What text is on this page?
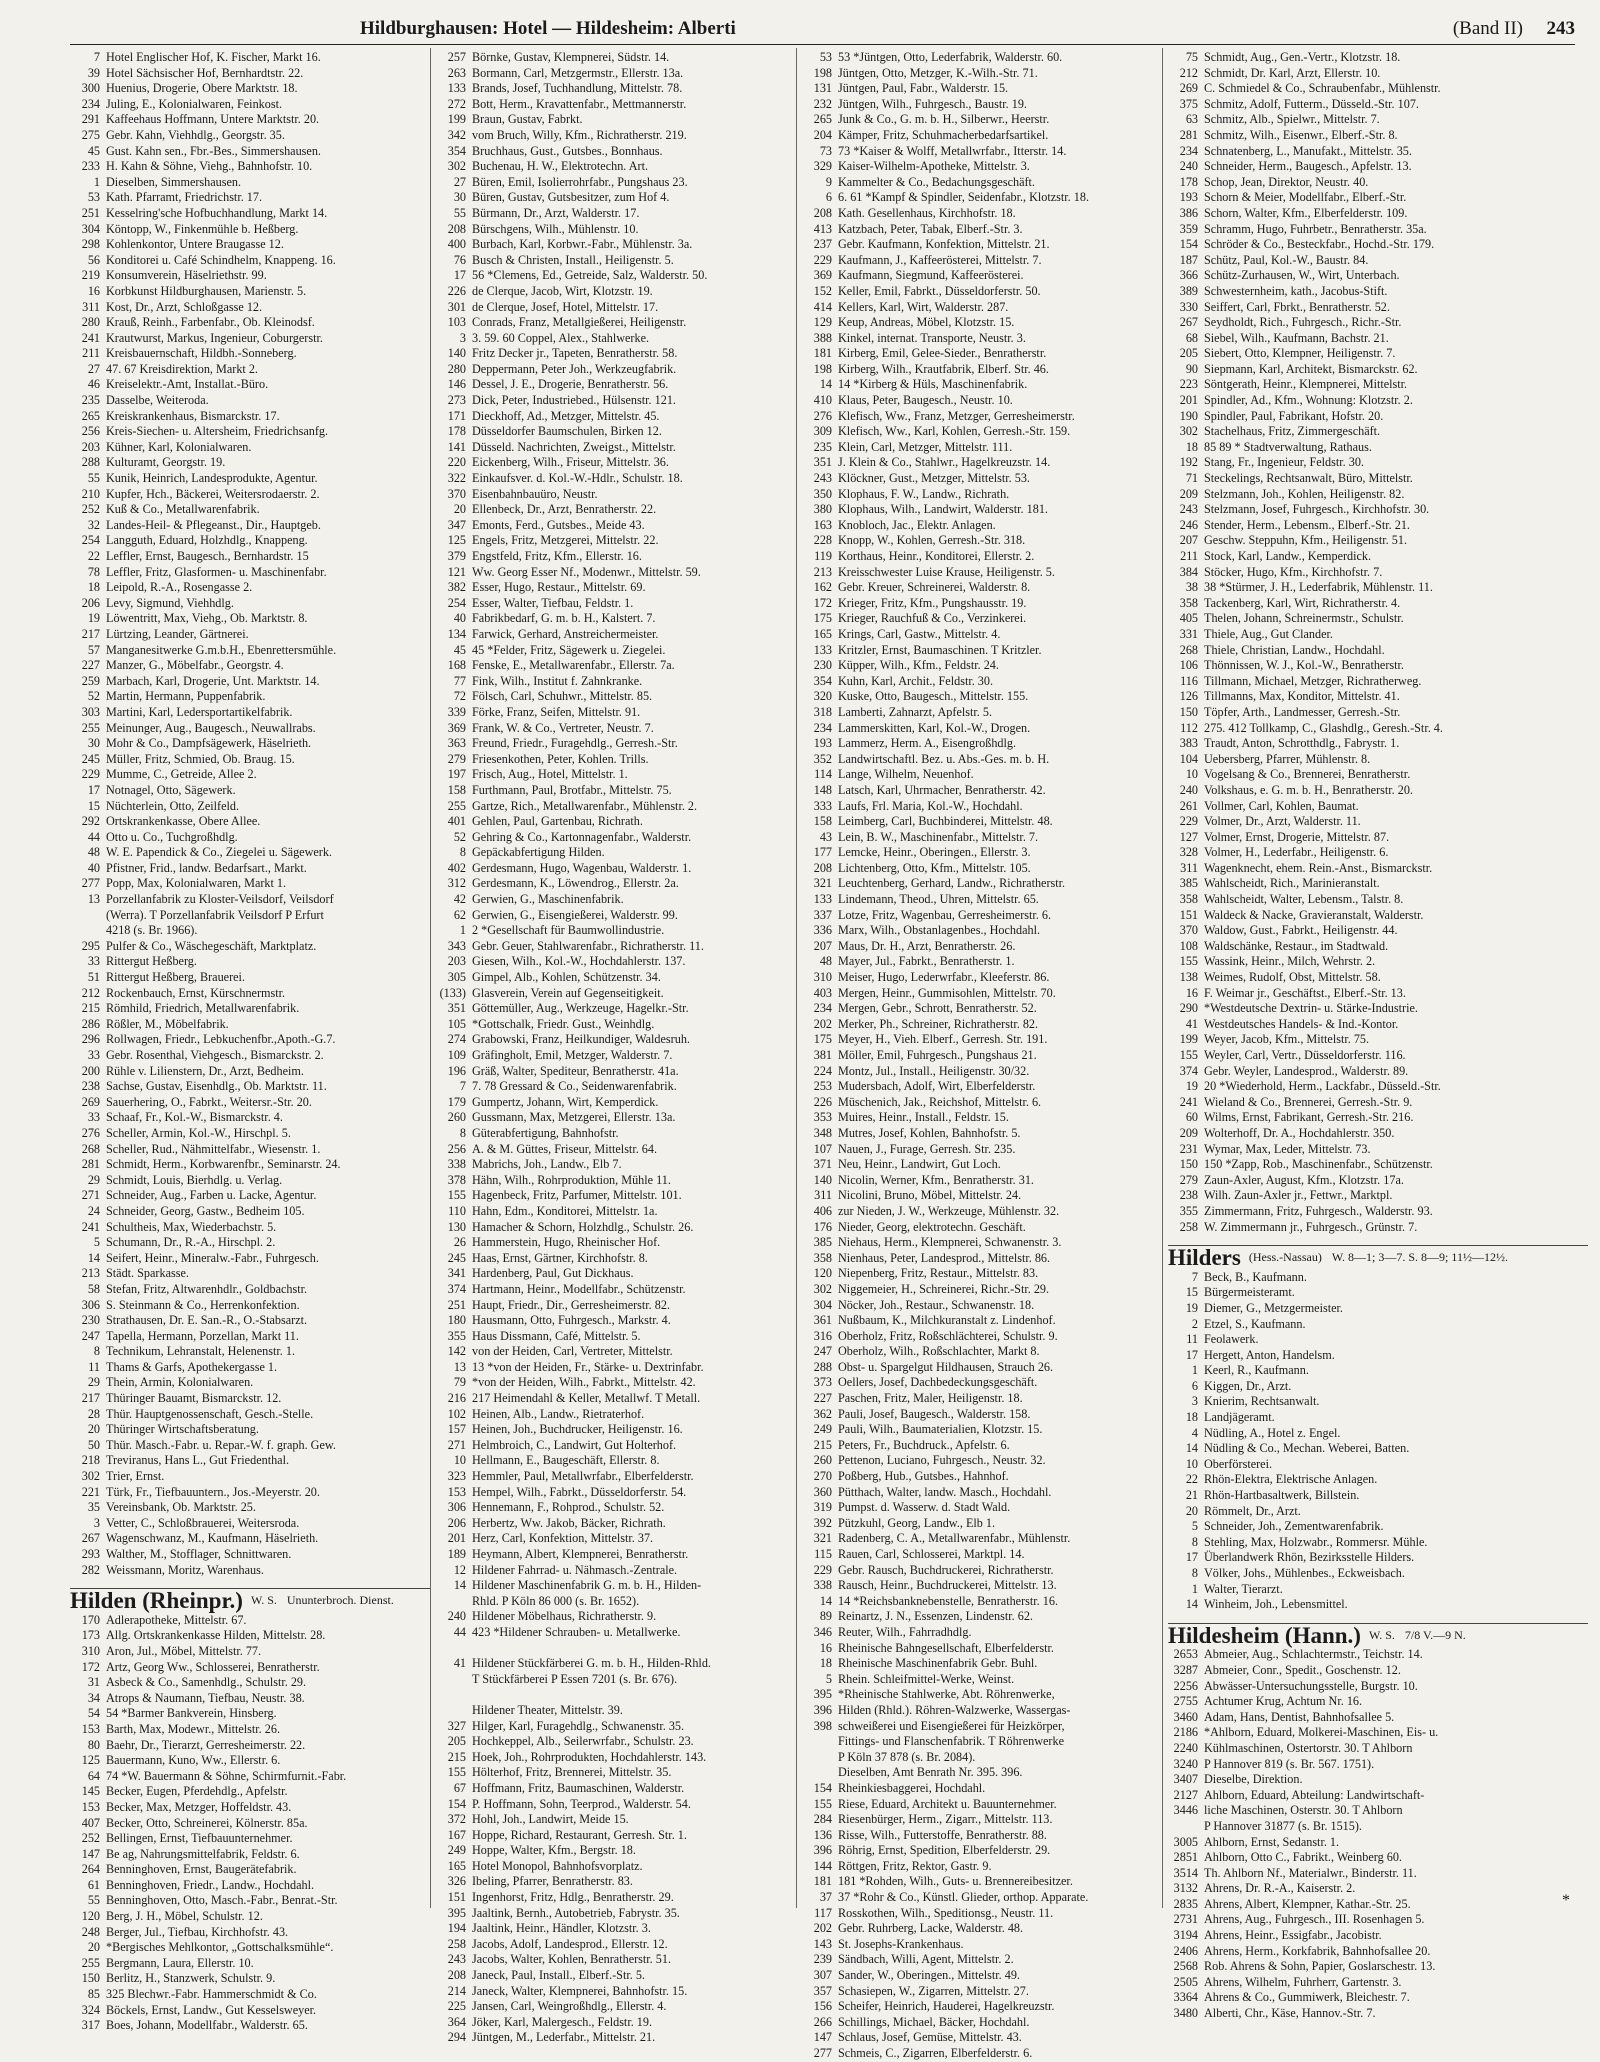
Hildburghausen: Hotel — Hildesheim: Alberti	(Band II) 243
7 Hotel Englischer Hof, K. Fischer, Markt 16.
39 Hotel Sächsischer Hof, Bernhardtstr. 22.
300 Huenius, Drogerie, Obere Marktstr. 18.
234 Juling, E., Kolonialwaren, Feinkost.
291 Kaffeehaus Hoffmann, Untere Marktstr. 20.
275 Gebr. Kahn, Viehhdlg., Georgstr. 35.
45 Gust. Kahn sen., Fbr.-Bes., Simmershausen.
233 H. Kahn & Söhne, Viehg., Bahnhofstr. 10.
1 Dieselben, Simmershausen.
53 Kath. Pfarramt, Friedrichstr. 17.
251 Kesselring'sche Hofbuchhandlung, Markt 14.
304 Köntopp, W., Finkenmühle b. Heßberg.
298 Kohlenkontor, Untere Braugasse 12.
56 Konditorei u. Café Schindhelm, Knappeng. 16.
219 Konsumverein, Häselriethstr. 99.
16 Korbkunst Hildburghausen, Marienstr. 5.
311 Kost, Dr., Arzt, Schloßgasse 12.
280 Krauß, Reinh., Farbenfabr., Ob. Kleinodsf.
241 Krautwurst, Markus, Ingenieur, Coburgerstr.
211 Kreisbauernschaft, Hildbh.-Sonneberg.
27 47. 67 Kreisdirektion, Markt 2.
46 Kreiselektr.-Amt, Installat.-Büro.
235 Dasselbe, Weiteroda.
265 Kreiskrankenhaus, Bismarckstr. 17.
256 Kreis-Siechen- u. Altersheim, Friedrichsanfg.
203 Kühner, Karl, Kolonialwaren.
288 Kulturamt, Georgstr. 19.
55 Kunik, Heinrich, Landesprodukte, Agentur.
210 Kupfer, Hch., Bäckerei, Weitersrodaerstr. 2.
252 Kuß & Co., Metallwarenfabrik.
32 Landes-Heil- & Pflegeanst., Dir., Hauptgeb.
254 Langguth, Eduard, Holzhdlg., Knappeng.
22 Leffler, Ernst, Baugesch., Bernhardstr. 15
78 Leffler, Fritz, Glasformen- u. Maschinenfabr.
18 Leipold, R.-A., Rosengasse 2.
206 Levy, Sigmund, Viehhdlg.
19 Löwentritt, Max, Viehg., Ob. Marktstr. 8.
217 Lürtzing, Leander, Gärtnerei.
57 Manganesitwerke G.m.b.H., Ebenrettersmühle.
227 Manzer, G., Möbelfabr., Georgstr. 4.
259 Marbach, Karl, Drogerie, Unt. Marktstr. 14.
52 Martin, Hermann, Puppenfabrik.
303 Martini, Karl, Ledersportartikelfabrik.
255 Meinunger, Aug., Baugesch., Neuwallrabs.
30 Mohr & Co., Dampfsägewerk, Häselrieth.
245 Müller, Fritz, Schmied, Ob. Braug. 15.
229 Mumme, C., Getreide, Allee 2.
17 Notnagel, Otto, Sägewerk.
15 Nüchterlein, Otto, Zeilfeld.
292 Ortskrankenkasse, Obere Allee.
44 Otto u. Co., Tuchgroßhdlg.
48 W. E. Papendick & Co., Ziegelei u. Sägewerk.
40 Pfistner, Frid., landw. Bedarfsart., Markt.
277 Popp, Max, Kolonialwaren, Markt 1.
13 Porzellanfabrik zu Kloster-Veilsdorf, Veilsdorf
(Werra). T Porzellanfabrik Veilsdorf P Erfurt
4218 (s. Br. 1966).
295 Pulfer & Co., Wäschegeschäft, Marktplatz.
33 Rittergut Heßberg.
51 Rittergut Heßberg, Brauerei.
212 Rockenbauch, Ernst, Kürschnermstr.
215 Römhild, Friedrich, Metallwarenfabrik.
286 Rößler, M., Möbelfabrik.
296 Rollwagen, Friedr., Lebkuchenfbr.,Apoth.-G.7.
33 Gebr. Rosenthal, Viehgesch., Bismarckstr. 2.
200 Rühle v. Lilienstern, Dr., Arzt, Bedheim.
238 Sachse, Gustav, Eisenhdlg., Ob. Marktstr. 11.
269 Sauerhering, O., Fabrkt., Weitersr.-Str. 20.
33 Schaaf, Fr., Kol.-W., Bismarckstr. 4.
276 Scheller, Armin, Kol.-W., Hirschpl. 5.
268 Scheller, Rud., Nähmittelfabr., Wiesenstr. 1.
281 Schmidt, Herm., Korbwarenfbr., Seminarstr. 24.
29 Schmidt, Louis, Bierhdlg. u. Verlag.
271 Schneider, Aug., Farben u. Lacke, Agentur.
24 Schneider, Georg, Gastw., Bedheim 105.
241 Schultheis, Max, Wiederbachstr. 5.
5 Schumann, Dr., R.-A., Hirschpl. 2.
14 Seifert, Heinr., Mineralw.-Fabr., Fuhrgesch.
213 Städt. Sparkasse.
58 Stefan, Fritz, Altwarenhdlr., Goldbachstr.
306 S. Steinmann & Co., Herrenkonfektion.
230 Strathausen, Dr. E. San.-R., O.-Stabsarzt.
247 Tapella, Hermann, Porzellan, Markt 11.
8 Technikum, Lehranstalt, Helenenstr. 1.
11 Thams & Garfs, Apothekergasse 1.
29 Thein, Armin, Kolonialwaren.
217 Thüringer Bauamt, Bismarckstr. 12.
28 Thür. Hauptgenossenschaft, Gesch.-Stelle.
20 Thüringer Wirtschaftsberatung.
50 Thür. Masch.-Fabr. u. Repar.-W. f. graph. Gew.
218 Treviranus, Hans L., Gut Friedenthal.
302 Trier, Ernst.
221 Türk, Fr., Tiefbauuntern., Jos.-Meyerstr. 20.
35 Vereinsbank, Ob. Marktstr. 25.
3 Vetter, C., Schloßbrauerei, Weitersroda.
267 Wagenschwanz, M., Kaufmann, Häselrieth.
293 Walther, M., Stofflager, Schnittwaren.
282 Weissmann, Moritz, Warenhaus.
Hilden (Rheinpr.) W. S. Ununterbroch. Dienst.
170 Adlerapotheke, Mittelstr. 67.
173 Allg. Ortskrankenkasse Hilden, Mittelstr. 28.
310 Aron, Jul., Möbel, Mittelstr. 77.
172 Artz, Georg Ww., Schlosserei, Benratherstr.
31 Asbeck & Co., Samenhdlg., Schulstr. 29.
34 Atrops & Naumann, Tiefbau, Neustr. 38.
54 54 *Barmer Bankverein, Hinsberg.
153 Barth, Max, Modewr., Mittelstr. 26.
80 Baehr, Dr., Tierarzt, Gerresheimerstr. 22.
125 Bauermann, Kuno, Ww., Ellerstr. 6.
64 74 *W. Bauermann & Söhne, Schirmfurnit.-Fabr.
145 Becker, Eugen, Pferdehdlg., Apfelstr.
153 Becker, Max, Metzger, Hoffeldstr. 43.
407 Becker, Otto, Schreinerei, Kölnerstr. 85a.
252 Bellingen, Ernst, Tiefbauunternehmer.
147 Be ag, Nahrungsmittelfabrik, Feldstr. 6.
264 Benninghoven, Ernst, Baugerätefabrik.
61 Benninghoven, Friedr., Landw., Hochdahl.
55 Benninghoven, Otto, Masch.-Fabr., Benrat.-Str.
120 Berg, J. H., Möbel, Schulstr. 12.
248 Berger, Jul., Tiefbau, Kirchhofstr. 43.
20 *Bergisches Mehlkontor, „Gottschalksmühle“.
255 Bergmann, Laura, Ellerstr. 10.
150 Berlitz, H., Stanzwerk, Schulstr. 9.
85 325 Blechwr.-Fabr. Hammerschmidt & Co.
324 Böckels, Ernst, Landw., Gut Kesselsweyer.
317 Boes, Johann, Modellfabr., Walderstr. 65.
257 Börnke, Gustav, Klempnerei, Südstr. 14.
263 Bormann, Carl, Metzgermstr., Ellerstr. 13a.
133 Brands, Josef, Tuchhandlung, Mittelstr. 78.
272 Bott, Herm., Kravattenfabr., Mettmannerstr.
199 Braun, Gustav, Fabrkt.
342 vom Bruch, Willy, Kfm., Richratherstr. 219.
354 Bruchhaus, Gust., Gutsbes., Bonnhaus.
302 Buchenau, H. W., Elektrotechn. Art.
27 Büren, Emil, Isolierrohrfabr., Pungshaus 23.
30 Büren, Gustav, Gutsbesitzer, zum Hof 4.
55 Bürmann, Dr., Arzt, Walderstr. 17.
208 Bürschgens, Wilh., Mühlenstr. 10.
400 Burbach, Karl, Korbwr.-Fabr., Mühlenstr. 3a.
76 Busch & Christen, Install., Heiligenstr. 5.
17 56 *Clemens, Ed., Getreide, Salz, Walderstr. 50.
226 de Clerque, Jacob, Wirt, Klotzstr. 19.
301 de Clerque, Josef, Hotel, Mittelstr. 17.
103 Conrads, Franz, Metallgießerei, Heiligenstr.
3 3. 59. 60 Coppel, Alex., Stahlwerke.
140 Fritz Decker jr., Tapeten, Benratherstr. 58.
280 Deppermann, Peter Joh., Werkzeugfabrik.
146 Dessel, J. E., Drogerie, Benratherstr. 56.
273 Dick, Peter, Industriebed., Hülsenstr. 121.
171 Dieckhoff, Ad., Metzger, Mittelstr. 45.
178 Düsseldorfer Baumschulen, Birken 12.
141 Düsseld. Nachrichten, Zweigst., Mittelstr.
220 Eickenberg, Wilh., Friseur, Mittelstr. 36.
322 Einkaufsver. d. Kol.-W.-Hdlr., Schulstr. 18.
370 Eisenbahnbauüro, Neustr.
20 Ellenbeck, Dr., Arzt, Benratherstr. 22.
347 Emonts, Ferd., Gutsbes., Meide 43.
125 Engels, Fritz, Metzgerei, Mittelstr. 22.
379 Engstfeld, Fritz, Kfm., Ellerstr. 16.
121 Ww. Georg Esser Nf., Modenwr., Mittelstr. 59.
382 Esser, Hugo, Restaur., Mittelstr. 69.
254 Esser, Walter, Tiefbau, Feldstr. 1.
40 Fabrikbedarf, G. m. b. H., Kalstert. 7.
134 Farwick, Gerhard, Anstreichermeister.
45 45 *Felder, Fritz, Sägewerk u. Ziegelei.
168 Fenske, E., Metallwarenfabr., Ellerstr. 7a.
77 Fink, Wilh., Institut f. Zahnkranke.
72 Fölsch, Carl, Schuhwr., Mittelstr. 85.
339 Förke, Franz, Seifen, Mittelstr. 91.
369 Frank, W. & Co., Vertreter, Neustr. 7.
363 Freund, Friedr., Furagehdlg., Gerresh.-Str.
279 Friesenkothen, Peter, Kohlen. Trills.
197 Frisch, Aug., Hotel, Mittelstr. 1.
158 Furthmann, Paul, Brotfabr., Mittelstr. 75.
255 Gartze, Rich., Metallwarenfabr., Mühlenstr. 2.
401 Gehlen, Paul, Gartenbau, Richrath.
52 Gehring & Co., Kartonnagenfabr., Walderstr.
8 Gepäckabfertigung Hilden.
402 Gerdesmann, Hugo, Wagenbau, Walderstr. 1.
312 Gerdesmann, K., Löwendrog., Ellerstr. 2a.
42 Gerwien, G., Maschinenfabrik.
62 Gerwien, G., Eisengießerei, Walderstr. 99.
1 2 *Gesellschaft für Baumwollindustrie.
343 Gebr. Geuer, Stahlwarenfabr., Richratherstr. 11.
203 Giesen, Wilh., Kol.-W., Hochdahlerstr. 137.
305 Gimpel, Alb., Kohlen, Schützenstr. 34.
(133) Glasverein, Verein auf Gegenseitigkeit.
351 Göttemüller, Aug., Werkzeuge, Hagelkr.-Str.
105 *Gottschalk, Friedr. Gust., Weinhdlg.
274 Grabowski, Franz, Heilkundiger, Waldesruh.
109 Gräfingholt, Emil, Metzger, Walderstr. 7.
196 Gräß, Walter, Spediteur, Benratherstr. 41a.
7 7. 78 Gressard & Co., Seidenwarenfabrik.
179 Gumpertz, Johann, Wirt, Kemperdick.
260 Gussmann, Max, Metzgerei, Ellerstr. 13a.
8 Güterabfertigung, Bahnhofstr.
256 A. & M. Güttes, Friseur, Mittelstr. 64.
338 Mabrichs, Joh., Landw., Elb 7.
378 Hähn, Wilh., Rohrproduktion, Mühle 11.
155 Hagenbeck, Fritz, Parfumer, Mittelstr. 101.
110 Hahn, Edm., Konditorei, Mittelstr. 1a.
130 Hamacher & Schorn, Holzhdlg., Schulstr. 26.
26 Hammerstein, Hugo, Rheinischer Hof.
245 Haas, Ernst, Gärtner, Kirchhofstr. 8.
341 Hardenberg, Paul, Gut Dickhaus.
374 Hartmann, Heinr., Modellfabr., Schützenstr.
251 Haupt, Friedr., Dir., Gerresheimerstr. 82.
180 Hausmann, Otto, Fuhrgesch., Markstr. 4.
355 Haus Dissmann, Café, Mittelstr. 5.
142 von der Heiden, Carl, Vertreter, Mittelstr.
13 13 *von der Heiden, Fr., Stärke- u. Dextrinfabr.
79 *von der Heiden, Wilh., Fabrkt., Mittelstr. 42.
216 217 Heimendahl & Keller, Metallwf. T Metall.
102 Heinen, Alb., Landw., Rietraterhof.
157 Heinen, Joh., Buchdrucker, Heiligenstr. 16.
271 Helmbroich, C., Landwirt, Gut Holterhof.
10 Hellmann, E., Baugeschäft, Ellerstr. 8.
323 Hemmler, Paul, Metallwrfabr., Elberfelderstr.
153 Hempel, Wilh., Fabrkt., Düsseldorferstr. 54.
306 Hennemann, F., Rohprod., Schulstr. 52.
206 Herbertz, Ww. Jakob, Bäcker, Richrath.
201 Herz, Carl, Konfektion, Mittelstr. 37.
189 Heymann, Albert, Klempnerei, Benratherstr.
12 Hildener Fahrrad- u. Nähmasch.-Zentrale.
14 Hildener Maschinenfabrik G. m. b. H., Hilden-
Rhld. P Köln 86 000 (s. Br. 1652).
240 Hildener Möbelhaus, Richratherstr. 9.
44 423 *Hildener Schrauben- u. Metallwerke.
41 Hildener Stückfärberei G. m. b. H., Hilden-Rhld.
T Stückfärberei P Essen 7201 (s. Br. 676).
Hildener Theater, Mittelstr. 39.
327 Hilger, Karl, Furagehdlg., Schwanenstr. 35.
205 Hochkeppel, Alb., Seilerwrfabr., Schulstr. 23.
215 Hoek, Joh., Rohrprodukten, Hochdahlerstr. 143.
155 Hölterhof, Fritz, Brennerei, Mittelstr. 35.
67 Hoffmann, Fritz, Baumaschinen, Walderstr.
154 P. Hoffmann, Sohn, Teerprod., Walderstr. 54.
372 Hohl, Joh., Landwirt, Meide 15.
167 Hoppe, Richard, Restaurant, Gerresh. Str. 1.
249 Hoppe, Walter, Kfm., Bergstr. 18.
165 Hotel Monopol, Bahnhofsvorplatz.
326 Ibeling, Pfarrer, Benratherstr. 83.
151 Ingenhorst, Fritz, Hdlg., Benratherstr. 29.
395 Jaaltink, Bernh., Autobetrieb, Fabrystr. 35.
194 Jaaltink, Heinr., Händler, Klotzstr. 3.
258 Jacobs, Adolf, Landesprod., Ellerstr. 12.
243 Jacobs, Walter, Kohlen, Benratherstr. 51.
208 Janeck, Paul, Install., Elberf.-Str. 5.
214 Janeck, Walter, Klempnerei, Bahnhofstr. 15.
225 Jansen, Carl, Weingroßhdlg., Ellerstr. 4.
364 Jöker, Karl, Malergesch., Feldstr. 19.
294 Jüntgen, M., Lederfabr., Mittelstr. 21.
53 53 *Jüntgen, Otto, Lederfabrik, Walderstr. 60.
198 Jüntgen, Otto, Metzger, K.-Wilh.-Str. 71.
131 Jüntgen, Paul, Fabr., Walderstr. 15.
232 Jüntgen, Wilh., Fuhrgesch., Baustr. 19.
265 Junk & Co., G. m. b. H., Silberwr., Heerstr.
204 Kämper, Fritz, Schuhmacherbedarfsartikel.
73 73 *Kaiser & Wolff, Metallwrfabr., Itterstr. 14.
329 Kaiser-Wilhelm-Apotheke, Mittelstr. 3.
9 Kammelter & Co., Bedachungsgeschäft.
6 6. 61 *Kampf & Spindler, Seidenfabr., Klotzstr. 18.
208 Kath. Gesellenhaus, Kirchhofstr. 18.
413 Katzbach, Peter, Tabak, Elberf.-Str. 3.
237 Gebr. Kaufmann, Konfektion, Mittelstr. 21.
229 Kaufmann, J., Kaffeerösterei, Mittelstr. 7.
369 Kaufmann, Siegmund, Kaffeerösterei.
152 Keller, Emil, Fabrkt., Düsseldorferstr. 50.
414 Kellers, Karl, Wirt, Walderstr. 287.
129 Keup, Andreas, Möbel, Klotzstr. 15.
388 Kinkel, internat. Transporte, Neustr. 3.
181 Kirberg, Emil, Gelee-Sieder., Benratherstr.
198 Kirberg, Wilh., Krautfabrik, Elberf. Str. 46.
14 14 *Kirberg & Hüls, Maschinenfabrik.
410 Klaus, Peter, Baugesch., Neustr. 10.
276 Klefisch, Ww., Franz, Metzger, Gerresheimerstr.
309 Klefisch, Ww., Karl, Kohlen, Gerresh.-Str. 159.
235 Klein, Carl, Metzger, Mittelstr. 111.
351 J. Klein & Co., Stahlwr., Hagelkreuzstr. 14.
243 Klöckner, Gust., Metzger, Mittelstr. 53.
350 Klophaus, F. W., Landw., Richrath.
380 Klophaus, Wilh., Landwirt, Walderstr. 181.
163 Knobloch, Jac., Elektr. Anlagen.
228 Knopp, W., Kohlen, Gerresh.-Str. 318.
119 Korthaus, Heinr., Konditorei, Ellerstr. 2.
213 Kreisschwester Luise Krause, Heiligenstr. 5.
162 Gebr. Kreuer, Schreinerei, Walderstr. 8.
172 Krieger, Fritz, Kfm., Pungshausstr. 19.
175 Krieger, Rauchfuß & Co., Verzinkerei.
165 Krings, Carl, Gastw., Mittelstr. 4.
133 Kritzler, Ernst, Baumaschinen. T Kritzler.
230 Küpper, Wilh., Kfm., Feldstr. 24.
354 Kuhn, Karl, Archit., Feldstr. 30.
320 Kuske, Otto, Baugesch., Mittelstr. 155.
318 Lamberti, Zahnarzt, Apfelstr. 5.
234 Lammerskitten, Karl, Kol.-W., Drogen.
193 Lammerz, Herm. A., Eisengroßhdlg.
352 Landwirtschaftl. Bez. u. Abs.-Ges. m. b. H.
114 Lange, Wilhelm, Neuenhof.
148 Latsch, Karl, Uhrmacher, Benratherstr. 42.
333 Laufs, Frl. Maria, Kol.-W., Hochdahl.
158 Leimberg, Carl, Buchbinderei, Mittelstr. 48.
43 Lein, B. W., Maschinenfabr., Mittelstr. 7.
177 Lemcke, Heinr., Oberingen., Ellerstr. 3.
208 Lichtenberg, Otto, Kfm., Mittelstr. 105.
321 Leuchtenberg, Gerhard, Landw., Richratherstr.
133 Lindemann, Theod., Uhren, Mittelstr. 65.
337 Lotze, Fritz, Wagenbau, Gerresheimerstr. 6.
336 Marx, Wilh., Obstanlagenbes., Hochdahl.
207 Maus, Dr. H., Arzt, Benratherstr. 26.
48 Mayer, Jul., Fabrkt., Benratherstr. 1.
310 Meiser, Hugo, Lederwrfabr., Kleeferstr. 86.
403 Mergen, Heinr., Gummisohlen, Mittelstr. 70.
234 Mergen, Gebr., Schrott, Benratherstr. 52.
202 Merker, Ph., Schreiner, Richratherstr. 82.
175 Meyer, H., Vieh. Elberf., Gerresh. Str. 191.
381 Möller, Emil, Fuhrgesch., Pungshaus 21.
224 Montz, Jul., Install., Heiligenstr. 30/32.
253 Mudersbach, Adolf, Wirt, Elberfelderstr.
226 Müschenich, Jak., Reichshof, Mittelstr. 6.
353 Muires, Heinr., Install., Feldstr. 15.
348 Mutres, Josef, Kohlen, Bahnhofstr. 5.
107 Nauen, J., Furage, Gerresh. Str. 235.
371 Neu, Heinr., Landwirt, Gut Loch.
140 Nicolin, Werner, Kfm., Benratherstr. 31.
311 Nicolini, Bruno, Möbel, Mittelstr. 24.
406 zur Nieden, J. W., Werkzeuge, Mühlenstr. 32.
176 Nieder, Georg, elektrotechn. Geschäft.
385 Niehaus, Herm., Klempnerei, Schwanenstr. 3.
358 Nienhaus, Peter, Landesprod., Mittelstr. 86.
120 Niepenberg, Fritz, Restaur., Mittelstr. 83.
302 Niggemeier, H., Schreinerei, Richr.-Str. 29.
304 Nöcker, Joh., Restaur., Schwanenstr. 18.
361 Nußbaum, K., Milchkuranstalt z. Lindenhof.
316 Oberholz, Fritz, Roßschlächterei, Schulstr. 9.
247 Oberholz, Wilh., Roßschlachter, Markt 8.
288 Obst- u. Spargelgut Hildhausen, Strauch 26.
373 Oellers, Josef, Dachbedeckungsgeschäft.
227 Paschen, Fritz, Maler, Heiligenstr. 18.
362 Pauli, Josef, Baugesch., Walderstr. 158.
249 Pauli, Wilh., Baumaterialien, Klotzstr. 15.
215 Peters, Fr., Buchdruck., Apfelstr. 6.
260 Pettenon, Luciano, Fuhrgesch., Neustr. 32.
270 Poßberg, Hub., Gutsbes., Hahnhof.
360 Pütthach, Walter, landw. Masch., Hochdahl.
319 Pumpst. d. Wasserw. d. Stadt Wald.
392 Pützkuhl, Georg, Landw., Elb 1.
321 Radenberg, C. A., Metallwarenfabr., Mühlenstr.
115 Rauen, Carl, Schlosserei, Marktpl. 14.
229 Gebr. Rausch, Buchdruckerei, Richratherstr.
338 Rausch, Heinr., Buchdruckerei, Mittelstr. 13.
14 14 *Reichsbanknebenstelle, Benratherstr. 16.
89 Reinartz, J. N., Essenzen, Lindenstr. 62.
346 Reuter, Wilh., Fahrradhdlg.
16 Rheinische Bahngesellschaft, Elberfelderstr.
18 Rheinische Maschinenfabrik Gebr. Buhl.
5 Rhein. Schleifmittel-Werke, Weinst.
395 *Rheinische Stahlwerke, Abt. Röhrenwerke,
396 Hilden (Rhld.). Röhren-Walzwerke, Wassergas-
398 schweißerei und Eisengießerei für Heizkörper,
Fittings- und Flanschenfabrik. T Röhrenwerke
P Köln 37 878 (s. Br. 2084).
Dieselben, Amt Benrath Nr. 395. 396.
154 Rheinkiesbaggerei, Hochdahl.
155 Riese, Eduard, Architekt u. Bauunternehmer.
284 Riesenbürger, Herm., Zigarr., Mittelstr. 113.
136 Risse, Wilh., Futterstoffe, Benratherstr. 88.
396 Röhrig, Ernst, Spedition, Elberfelderstr. 29.
144 Röttgen, Fritz, Rektor, Gastr. 9.
181 181 *Rohden, Wilh., Guts- u. Brennereibesitzer.
37 37 *Rohr & Co., Künstl. Glieder, orthop. Apparate.
117 Rosskothen, Wilh., Speditionsg., Neustr. 11.
202 Gebr. Ruhrberg, Lacke, Walderstr. 48.
143 St. Josephs-Krankenhaus.
239 Sändbach, Willi, Agent, Mittelstr. 2.
307 Sander, W., Oberingen., Mittelstr. 49.
357 Schasiepen, W., Zigarren, Mittelstr. 27.
156 Scheifer, Heinrich, Hauderei, Hagelkreuzstr.
266 Schillings, Michael, Bäcker, Hochdahl.
147 Schlaus, Josef, Gemüse, Mittelstr. 43.
277 Schmeis, C., Zigarren, Elberfelderstr. 6.
75 Schmidt, Aug., Gen.-Vertr., Klotzstr. 18.
212 Schmidt, Dr. Karl, Arzt, Ellerstr. 10.
269 C. Schmiedel & Co., Schraubenfabr., Mühlenstr.
375 Schmitz, Adolf, Futterm., Düsseld.-Str. 107.
63 Schmitz, Alb., Spielwr., Mittelstr. 7.
281 Schmitz, Wilh., Eisenwr., Elberf.-Str. 8.
234 Schnatenberg, L., Manufakt., Mittelstr. 35.
240 Schneider, Herm., Baugesch., Apfelstr. 13.
178 Schop, Jean, Direktor, Neustr. 40.
193 Schorn & Meier, Modellfabr., Elberf.-Str.
386 Schorn, Walter, Kfm., Elberfelderstr. 109.
359 Schramm, Hugo, Fuhrbetr., Benratherstr. 35a.
154 Schröder & Co., Besteckfabr., Hochd.-Str. 179.
187 Schütz, Paul, Kol.-W., Baustr. 84.
366 Schütz-Zurhausen, W., Wirt, Unterbach.
389 Schwesternheim, kath., Jacobus-Stift.
330 Seiffert, Carl, Fbrkt., Benratherstr. 52.
267 Seydholdt, Rich., Fuhrgesch., Richr.-Str.
68 Siebel, Wilh., Kaufmann, Bachstr. 21.
205 Siebert, Otto, Klempner, Heiligenstr. 7.
90 Siepmann, Karl, Architekt, Bismarckstr. 62.
223 Söntgerath, Heinr., Klempnerei, Mittelstr.
201 Spindler, Ad., Kfm., Wohnung: Klotzstr. 2.
190 Spindler, Paul, Fabrikant, Hofstr. 20.
302 Stachelhaus, Fritz, Zimmergeschäft.
18 85 89 * Stadtverwaltung, Rathaus.
192 Stang, Fr., Ingenieur, Feldstr. 30.
71 Steckelings, Rechtsanwalt, Büro, Mittelstr.
209 Stelzmann, Joh., Kohlen, Heiligenstr. 82.
243 Stelzmann, Josef, Fuhrgesch., Kirchhofstr. 30.
246 Stender, Herm., Lebensm., Elberf.-Str. 21.
207 Geschw. Steppuhn, Kfm., Heiligenstr. 51.
211 Stock, Karl, Landw., Kemperdick.
384 Stöcker, Hugo, Kfm., Kirchhofstr. 7.
38 38 *Stürmer, J. H., Lederfabrik, Mühlenstr. 11.
358 Tackenberg, Karl, Wirt, Richratherstr. 4.
405 Thelen, Johann, Schreinermstr., Schulstr.
331 Thiele, Aug., Gut Clander.
268 Thiele, Christian, Landw., Hochdahl.
106 Thönnissen, W. J., Kol.-W., Benratherstr.
116 Tillmann, Michael, Metzger, Richratherweg.
126 Tillmanns, Max, Konditor, Mittelstr. 41.
150 Töpfer, Arth., Landmesser, Gerresh.-Str.
112 275. 412 Tollkamp, C., Glashdlg., Geresh.-Str. 4.
383 Traudt, Anton, Schrotthdlg., Fabrystr. 1.
104 Uebersberg, Pfarrer, Mühlenstr. 8.
10 Vogelsang & Co., Brennerei, Benratherstr.
240 Volkshaus, e. G. m. b. H., Benratherstr. 20.
261 Vollmer, Carl, Kohlen, Baumat.
229 Volmer, Dr., Arzt, Walderstr. 11.
127 Volmer, Ernst, Drogerie, Mittelstr. 87.
328 Volmer, H., Lederfabr., Heiligenstr. 6.
311 Wagenknecht, ehem. Rein.-Anst., Bismarckstr.
385 Wahlscheidt, Rich., Marinieranstalt.
358 Wahlscheidt, Walter, Lebensm., Talstr. 8.
151 Waldeck & Nacke, Gravieranstalt, Walderstr.
370 Waldow, Gust., Fabrkt., Heiligenstr. 44.
108 Waldschänke, Restaur., im Stadtwald.
155 Wassink, Heinr., Milch, Wehrstr. 2.
138 Weimes, Rudolf, Obst, Mittelstr. 58.
16 F. Weimar jr., Geschäftst., Elberf.-Str. 13.
290 *Westdeutsche Dextrin- u. Stärke-Industrie.
41 Westdeutsches Handels- & Ind.-Kontor.
199 Weyer, Jacob, Kfm., Mittelstr. 75.
155 Weyler, Carl, Vertr., Düsseldorferstr. 116.
374 Gebr. Weyler, Landesprod., Walderstr. 89.
19 20 *Wiederhold, Herm., Lackfabr., Düsseld.-Str.
241 Wieland & Co., Brennerei, Gerresh.-Str. 9.
60 Wilms, Ernst, Fabrikant, Gerresh.-Str. 216.
209 Wolterhoff, Dr. A., Hochdahlerstr. 350.
231 Wymar, Max, Leder, Mittelstr. 73.
150 150 *Zapp, Rob., Maschinenfabr., Schützenstr.
279 Zaun-Axler, August, Kfm., Klotzstr. 17a.
238 Wilh. Zaun-Axler jr., Fettwr., Marktpl.
355 Zimmermann, Fritz, Fuhrgesch., Walderstr. 93.
258 W. Zimmermann jr., Fuhrgesch., Grünstr. 7.
Hilders (Hess.-Nassau) W. 8—1; 3—7. S. 8—9; 11½—12½.
7 Beck, B., Kaufmann.
15 Bürgermeisteramt.
19 Diemer, G., Metzgermeister.
2 Etzel, S., Kaufmann.
11 Feolawerk.
17 Hergett, Anton, Handelsm.
1 Keerl, R., Kaufmann.
6 Kiggen, Dr., Arzt.
3 Knierim, Rechtsanwalt.
18 Landjägeramt.
4 Nüdling, A., Hotel z. Engel.
14 Nüdling & Co., Mechan. Weberei, Batten.
10 Oberförsterei.
22 Rhön-Elektra, Elektrische Anlagen.
21 Rhön-Hartbasaltwerk, Billstein.
20 Römmelt, Dr., Arzt.
5 Schneider, Joh., Zementwarenfabrik.
8 Stehling, Max, Holzwabr., Rommersr. Mühle.
17 Überlandwerk Rhön, Bezirksstelle Hilders.
8 Völker, Johs., Mühlenbes., Eckweisbach.
1 Walter, Tierarzt.
14 Winheim, Joh., Lebensmittel.
Hildesheim (Hann.) W. S. 7/8 V.—9 N.
2653 Abmeier, Aug., Schlachtermstr., Teichstr. 14.
3287 Abmeier, Conr., Spedit., Goschenstr. 12.
2256 Abwässer-Untersuchungsstelle, Burgstr. 10.
2755 Achtumer Krug, Achtum Nr. 16.
3460 Adam, Hans, Dentist, Bahnhofsallee 5.
2186 *Ahlborn, Eduard, Molkerei-Maschinen, Eis- u.
2240 Kühlmaschinen, Ostertorstr. 30. T Ahlborn
3240 P Hannover 819 (s. Br. 567. 1751).
3407 Dieselbe, Direktion.
2127 Ahlborn, Eduard, Abteilung: Landwirtschaft-
3446 liche Maschinen, Osterstr. 30. T Ahlborn
P Hannover 31877 (s. Br. 1515).
3005 Ahlborn, Ernst, Sedanstr. 1.
2851 Ahlborn, Otto C., Fabrikt., Weinberg 60.
3514 Th. Ahlborn Nf., Materialwr., Binderstr. 11.
3132 Ahrens, Dr. R.-A., Kaiserstr. 2.
2835 Ahrens, Albert, Klempner, Kathar.-Str. 25.
2731 Ahrens, Aug., Fuhrgesch., III. Rosenhagen 5.
3194 Ahrens, Heinr., Essigfabr., Jacobistr.
2406 Ahrens, Herm., Korkfabrik, Bahnhofsallee 20.
2568 Rob. Ahrens & Sohn, Papier, Goslarschestr. 13.
2505 Ahrens, Wilhelm, Fuhrherr, Gartenstr. 3.
3364 Ahrens & Co., Gummiwerk, Bleichestr. 7.
3480 Alberti, Chr., Käse, Hannov.-Str. 7.
*
